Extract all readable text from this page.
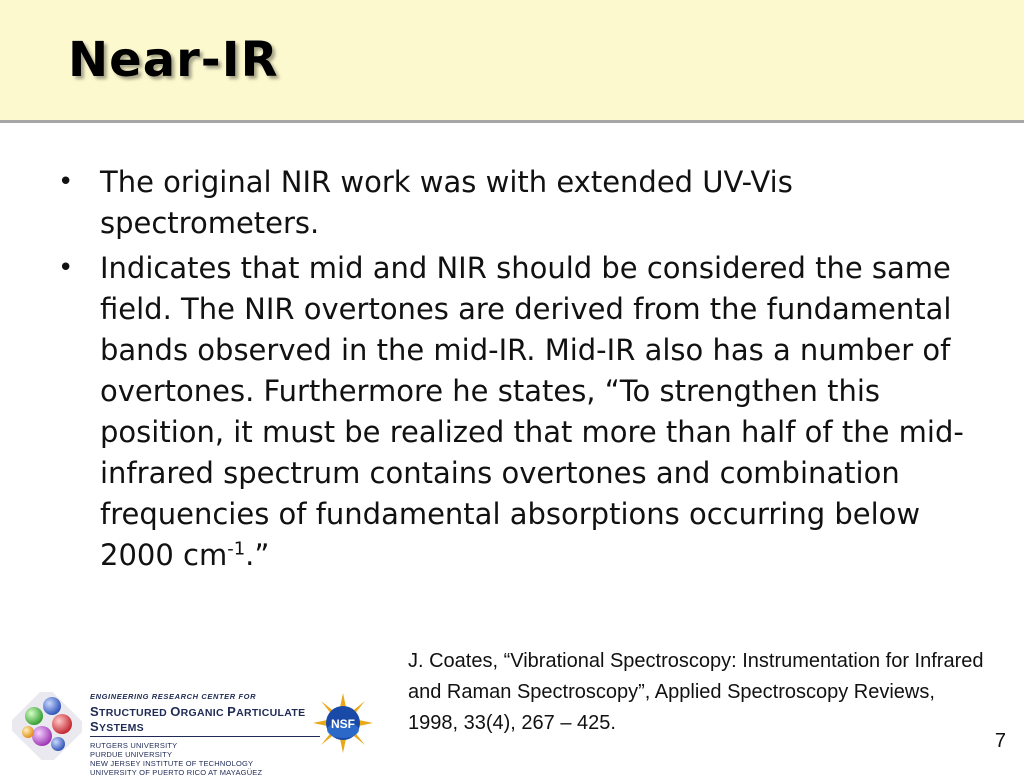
Near-IR
• The original NIR work was with extended UV-Vis spectrometers.
• Indicates that mid and NIR should be considered the same field. The NIR overtones are derived from the fundamental bands observed in the mid-IR. Mid-IR also has a number of overtones. Furthermore he states, “To strengthen this position, it must be realized that more than half of the mid-infrared spectrum contains overtones and combination frequencies of fundamental absorptions occurring below 2000 $cm^{-1}$.”
J. Coates, “Vibrational Spectroscopy: Instrumentation for Infrared and Raman Spectroscopy”, Applied Spectroscopy Reviews, 1998, 33(4), 267 – 425.
7
ENGINEERING RESEARCH CENTER FOR
STRUCTURED ORGANIC PARTICULATE SYSTEMS
RUTGERS UNIVERSITY
PURDUE UNIVERSITY
NEW JERSEY INSTITUTE OF TECHNOLOGY
UNIVERSITY OF PUERTO RICO AT MAYAGÜEZ
NSF
